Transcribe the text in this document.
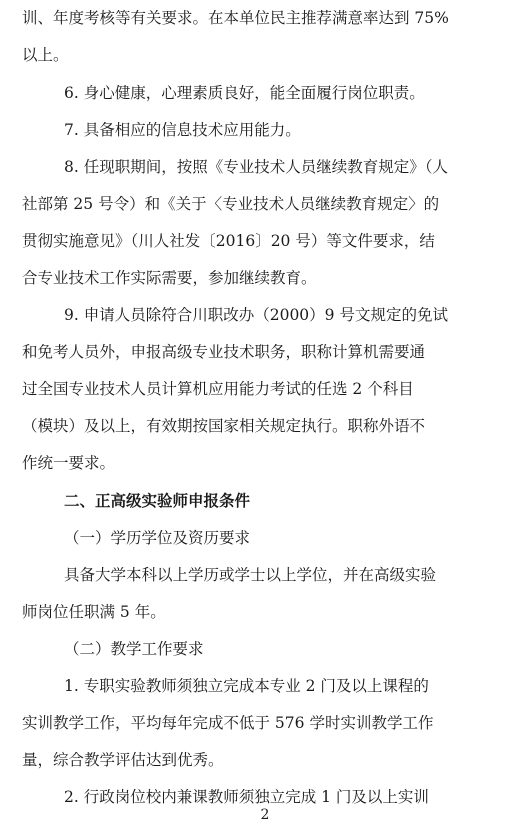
训、年度考核等有关要求。在本单位民主推荐满意率达到 75%
以上。
6. 身心健康，心理素质良好，能全面履行岗位职责。
7. 具备相应的信息技术应用能力。
8. 任现职期间，按照《专业技术人员继续教育规定》（人
社部第 25 号令）和《关于〈专业技术人员继续教育规定〉的
贯彻实施意见》（川人社发〔2016〕20 号）等文件要求，结
合专业技术工作实际需要，参加继续教育。
9. 申请人员除符合川职改办（2000）9 号文规定的免试
和免考人员外，申报高级专业技术职务，职称计算机需要通
过全国专业技术人员计算机应用能力考试的任选 2 个科目
（模块）及以上，有效期按国家相关规定执行。职称外语不
作统一要求。
二、正高级实验师申报条件
（一）学历学位及资历要求
具备大学本科以上学历或学士以上学位，并在高级实验
师岗位任职满 5 年。
（二）教学工作要求
1. 专职实验教师须独立完成本专业 2 门及以上课程的
实训教学工作，平均每年完成不低于 576 学时实训教学工作
量，综合教学评估达到优秀。
2. 行政岗位校内兼课教师须独立完成 1 门及以上实训
2
